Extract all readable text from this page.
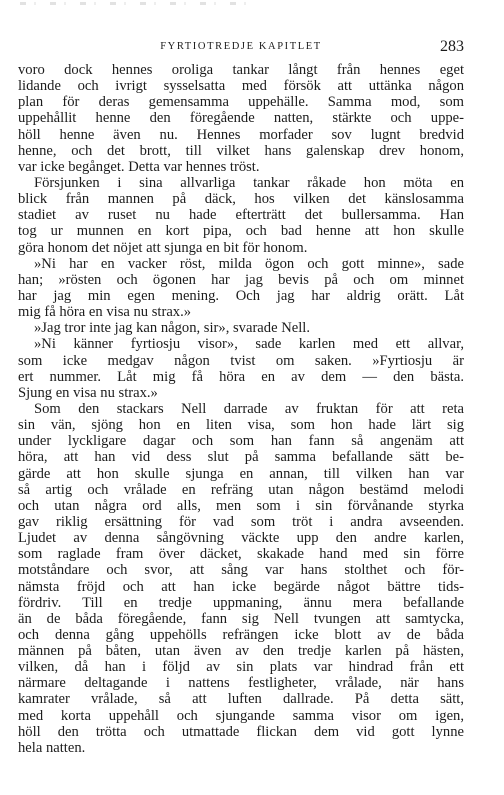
FYRTIOTREDJE KAPITLET	283
voro dock hennes oroliga tankar långt från hennes eget
lidande och ivrigt sysselsatta med försök att uttänka någon
plan för deras gemensamma uppehälle. Samma mod, som
uppehållit henne den föregående natten, stärkte och uppe-
höll henne även nu. Hennes morfader sov lugnt bredvid
henne, och det brott, till vilket hans galenskap drev honom,
var icke begånget. Detta var hennes tröst.
Försjunken i sina allvarliga tankar råkade hon möta en
blick från mannen på däck, hos vilken det känslosamma
stadiet av ruset nu hade efterträtt det bullersamma. Han
tog ur munnen en kort pipa, och bad henne att hon skulle
göra honom det nöjet att sjunga en bit för honom.
»Ni har en vacker röst, milda ögon och gott minne», sade
han; »rösten och ögonen har jag bevis på och om minnet
har jag min egen mening. Och jag har aldrig orätt. Låt
mig få höra en visa nu strax.»
»Jag tror inte jag kan någon, sir», svarade Nell.
»Ni känner fyrtiosju visor», sade karlen med ett allvar,
som icke medgav någon tvist om saken. »Fyrtiosju är
ert nummer. Låt mig få höra en av dem — den bästa.
Sjung en visa nu strax.»
Som den stackars Nell darrade av fruktan för att reta
sin vän, sjöng hon en liten visa, som hon hade lärt sig
under lyckligare dagar och som han fann så angenäm att
höra, att han vid dess slut på samma befallande sätt be-
gärde att hon skulle sjunga en annan, till vilken han var
så artig och vrålade en refräng utan någon bestämd melodi
och utan några ord alls, men som i sin förvånande styrka
gav riklig ersättning för vad som tröt i andra avseenden.
Ljudet av denna sångövning väckte upp den andre karlen,
som raglade fram över däcket, skakade hand med sin förre
motståndare och svor, att sång var hans stolthet och för-
nämsta fröjd och att han icke begärde något bättre tids-
fördriv. Till en tredje uppmaning, ännu mera befallande
än de båda föregående, fann sig Nell tvungen att samtycka,
och denna gång uppehölls refrängen icke blott av de båda
männen på båten, utan även av den tredje karlen på hästen,
vilken, då han i följd av sin plats var hindrad från ett
närmare deltagande i nattens festligheter, vrålade, när hans
kamrater vrålade, så att luften dallrade. På detta sätt,
med korta uppehåll och sjungande samma visor om igen,
höll den trötta och utmattade flickan dem vid gott lynne
hela natten.
